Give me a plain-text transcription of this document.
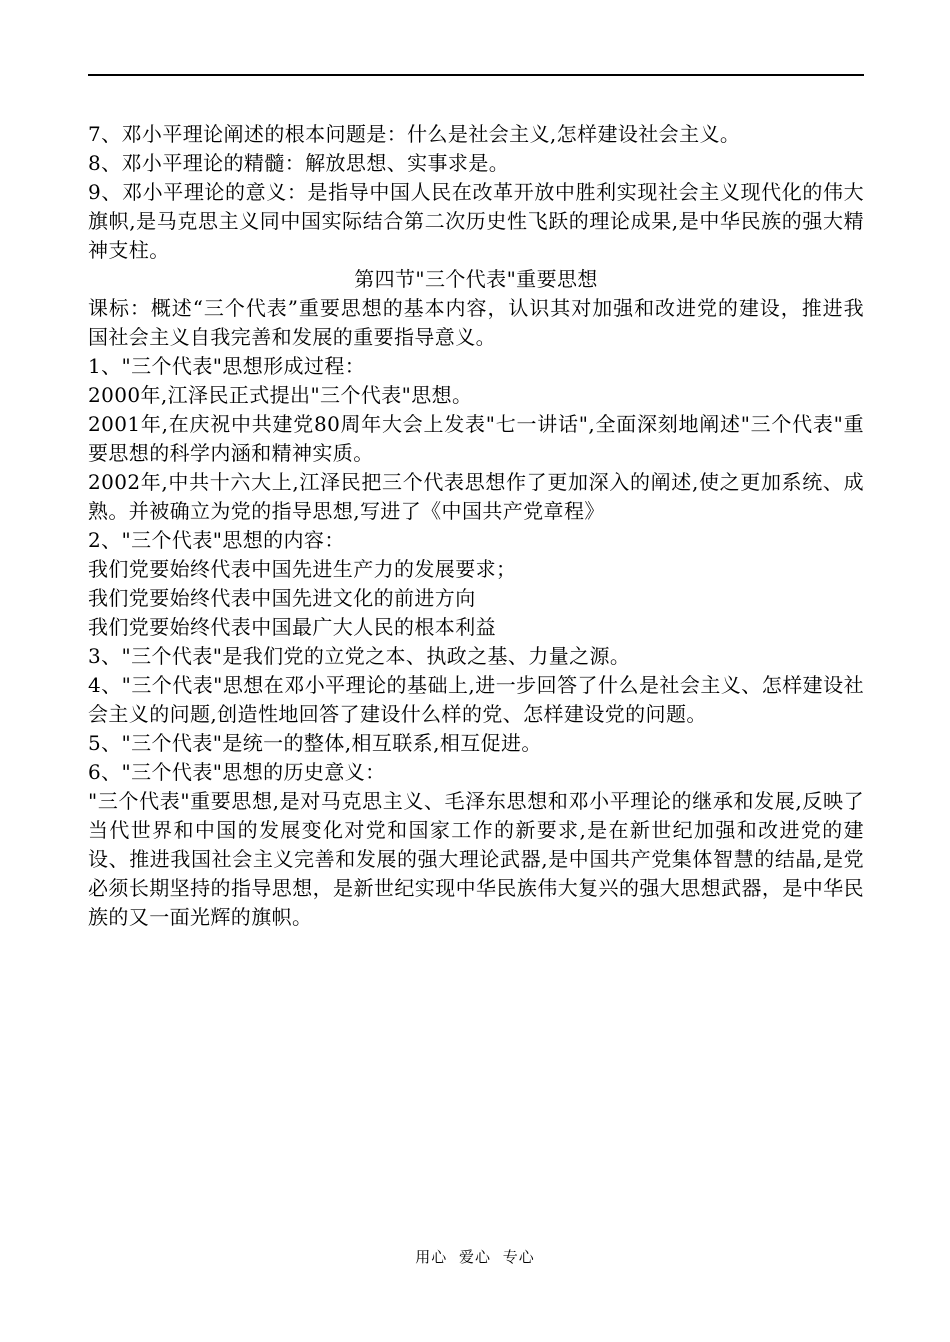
7、邓小平理论阐述的根本问题是：什么是社会主义,怎样建设社会主义。

8、邓小平理论的精髓：解放思想、实事求是。

9、邓小平理论的意义：是指导中国人民在改革开放中胜利实现社会主义现代化的伟大旗帜,是马克思主义同中国实际结合第二次历史性飞跃的理论成果,是中华民族的强大精神支柱。

第四节"三个代表"重要思想

课标：概述“三个代表”重要思想的基本内容，认识其对加强和改进党的建设，推进我国社会主义自我完善和发展的重要指导意义。

1、"三个代表"思想形成过程：

2000年,江泽民正式提出"三个代表"思想。

2001年,在庆祝中共建党80周年大会上发表"七一讲话",全面深刻地阐述"三个代表"重要思想的科学内涵和精神实质。

2002年,中共十六大上,江泽民把三个代表思想作了更加深入的阐述,使之更加系统、成熟。并被确立为党的指导思想,写进了《中国共产党章程》

2、"三个代表"思想的内容：

我们党要始终代表中国先进生产力的发展要求；

我们党要始终代表中国先进文化的前进方向

我们党要始终代表中国最广大人民的根本利益

3、"三个代表"是我们党的立党之本、执政之基、力量之源。

4、"三个代表"思想在邓小平理论的基础上,进一步回答了什么是社会主义、怎样建设社会主义的问题,创造性地回答了建设什么样的党、怎样建设党的问题。

5、"三个代表"是统一的整体,相互联系,相互促进。

6、"三个代表"思想的历史意义：

"三个代表"重要思想,是对马克思主义、毛泽东思想和邓小平理论的继承和发展,反映了当代世界和中国的发展变化对党和国家工作的新要求,是在新世纪加强和改进党的建设、推进我国社会主义完善和发展的强大理论武器,是中国共产党集体智慧的结晶,是党必须长期坚持的指导思想，是新世纪实现中华民族伟大复兴的强大思想武器，是中华民族的又一面光辉的旗帜。

用心 爱心 专心
